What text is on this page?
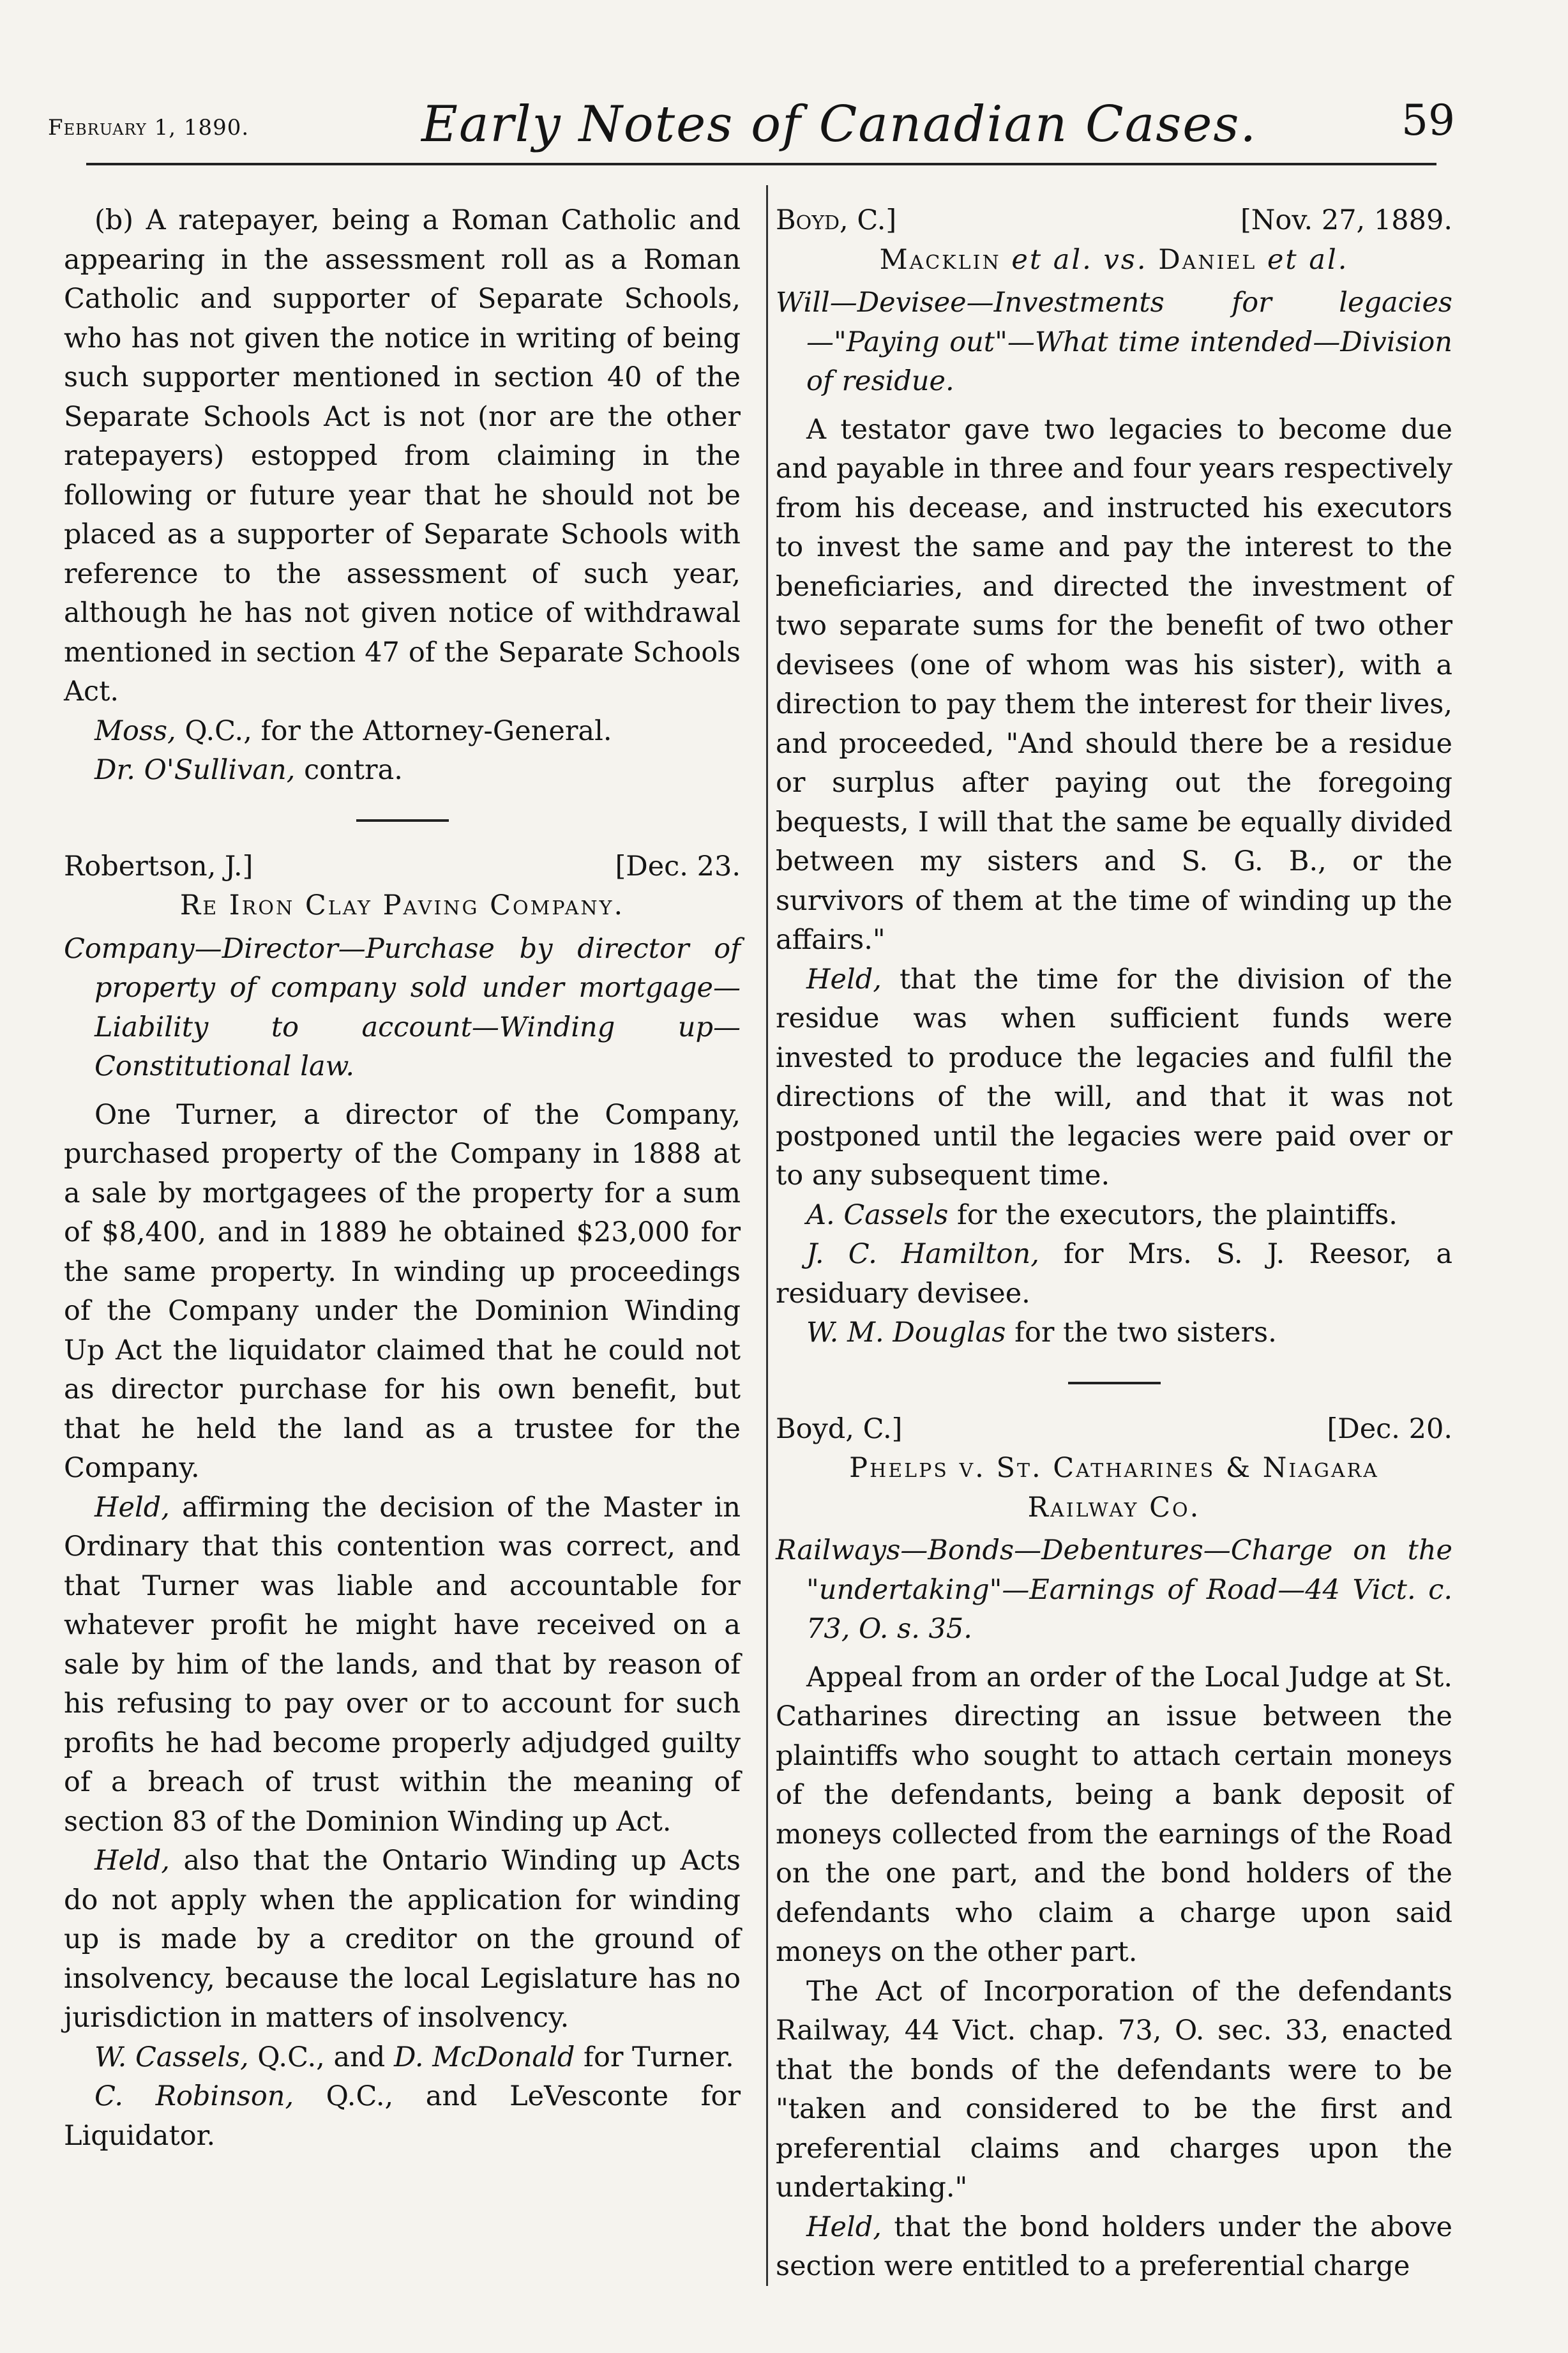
February 1, 1890.	Early Notes of Canadian Cases.	59

(b) A ratepayer, being a Roman Catholic and appearing in the assessment roll as a Roman Catholic and supporter of Separate Schools, who has not given the notice in writing of being such supporter mentioned in section 40 of the Separate Schools Act is not (nor are the other ratepayers) estopped from claiming in the following or future year that he should not be placed as a supporter of Separate Schools with reference to the assessment of such year, although he has not given notice of withdrawal mentioned in section 47 of the Separate Schools Act.

Moss, Q.C., for the Attorney-General.

Dr. O'Sullivan, contra.

Robertson, J.]	[Dec. 23.

Re Iron Clay Paving Company.

Company—Director—Purchase by director of property of company sold under mortgage—Liability to account—Winding up—Constitutional law.

One Turner, a director of the Company, purchased property of the Company in 1888 at a sale by mortgagees of the property for a sum of $8,400, and in 1889 he obtained $23,000 for the same property. In winding up proceedings of the Company under the Dominion Winding Up Act the liquidator claimed that he could not as director purchase for his own benefit, but that he held the land as a trustee for the Company.

Held, affirming the decision of the Master in Ordinary that this contention was correct, and that Turner was liable and accountable for whatever profit he might have received on a sale by him of the lands, and that by reason of his refusing to pay over or to account for such profits he had become properly adjudged guilty of a breach of trust within the meaning of section 83 of the Dominion Winding up Act.

Held, also that the Ontario Winding up Acts do not apply when the application for winding up is made by a creditor on the ground of insolvency, because the local Legislature has no jurisdiction in matters of insolvency.

W. Cassels, Q.C., and D. McDonald for Turner.

C. Robinson, Q.C., and LeVesconte for Liquidator.

Boyd, C.]	[Nov. 27, 1889.

Macklin et al. vs. Daniel et al.

Will—Devisee—Investments for legacies—"Paying out"—What time intended—Division of residue.

A testator gave two legacies to become due and payable in three and four years respectively from his decease, and instructed his executors to invest the same and pay the interest to the beneficiaries, and directed the investment of two separate sums for the benefit of two other devisees (one of whom was his sister), with a direction to pay them the interest for their lives, and proceeded, "And should there be a residue or surplus after paying out the foregoing bequests, I will that the same be equally divided between my sisters and S. G. B., or the survivors of them at the time of winding up the affairs."

Held, that the time for the division of the residue was when sufficient funds were invested to produce the legacies and fulfil the directions of the will, and that it was not postponed until the legacies were paid over or to any subsequent time.

A. Cassels for the executors, the plaintiffs.

J. C. Hamilton, for Mrs. S. J. Reesor, a residuary devisee.

W. M. Douglas for the two sisters.

Boyd, C.]	[Dec. 20.

Phelps v. St. Catharines & Niagara

Railway Co.

Railways—Bonds—Debentures—Charge on the "undertaking"—Earnings of Road—44 Vict. c. 73, O. s. 35.

Appeal from an order of the Local Judge at St. Catharines directing an issue between the plaintiffs who sought to attach certain moneys of the defendants, being a bank deposit of moneys collected from the earnings of the Road on the one part, and the bond holders of the defendants who claim a charge upon said moneys on the other part.

The Act of Incorporation of the defendants Railway, 44 Vict. chap. 73, O. sec. 33, enacted that the bonds of the defendants were to be "taken and considered to be the first and preferential claims and charges upon the undertaking."

Held, that the bond holders under the above section were entitled to a preferential charge
